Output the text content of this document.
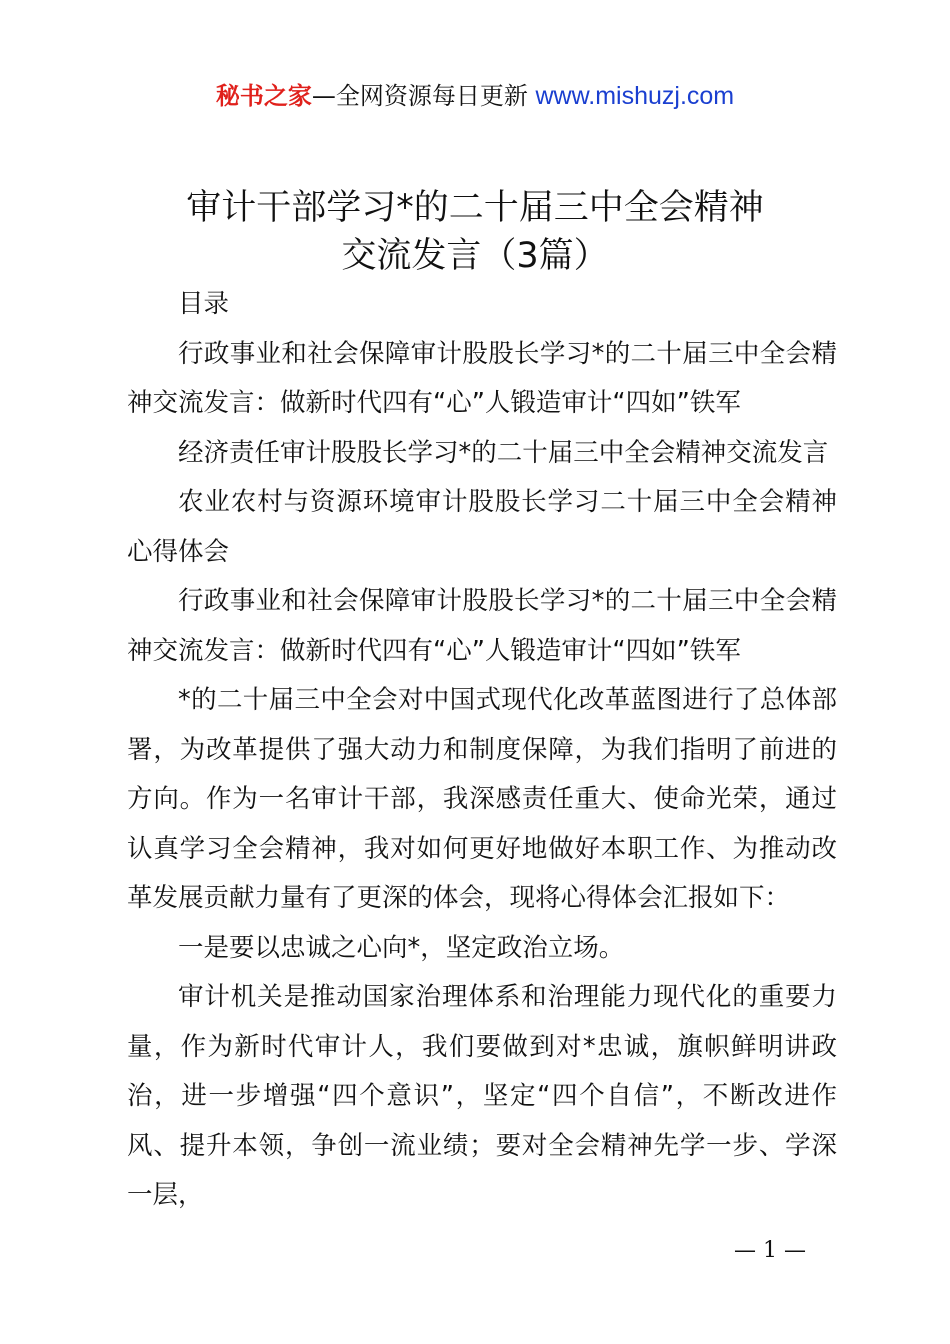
秘书之家—全网资源每日更新 www.mishuzj.com
审计干部学习*的二十届三中全会精神
交流发言（3篇）

目录

行政事业和社会保障审计股股长学习*的二十届三中全会精神交流发言：做新时代四有“心”人锻造审计“四如”铁军

经济责任审计股股长学习*的二十届三中全会精神交流发言

农业农村与资源环境审计股股长学习二十届三中全会精神心得体会

行政事业和社会保障审计股股长学习*的二十届三中全会精神交流发言：做新时代四有“心”人锻造审计“四如”铁军

*的二十届三中全会对中国式现代化改革蓝图进行了总体部署，为改革提供了强大动力和制度保障，为我们指明了前进的方向。作为一名审计干部，我深感责任重大、使命光荣，通过认真学习全会精神，我对如何更好地做好本职工作、为推动改革发展贡献力量有了更深的体会，现将心得体会汇报如下：

一是要以忠诚之心向*，坚定政治立场。

审计机关是推动国家治理体系和治理能力现代化的重要力量，作为新时代审计人，我们要做到对*忠诚，旗帜鲜明讲政治，进一步增强“四个意识”，坚定“四个自信”，不断改进作风、提升本领，争创一流业绩；要对全会精神先学一步、学深一层，

— 1 —
